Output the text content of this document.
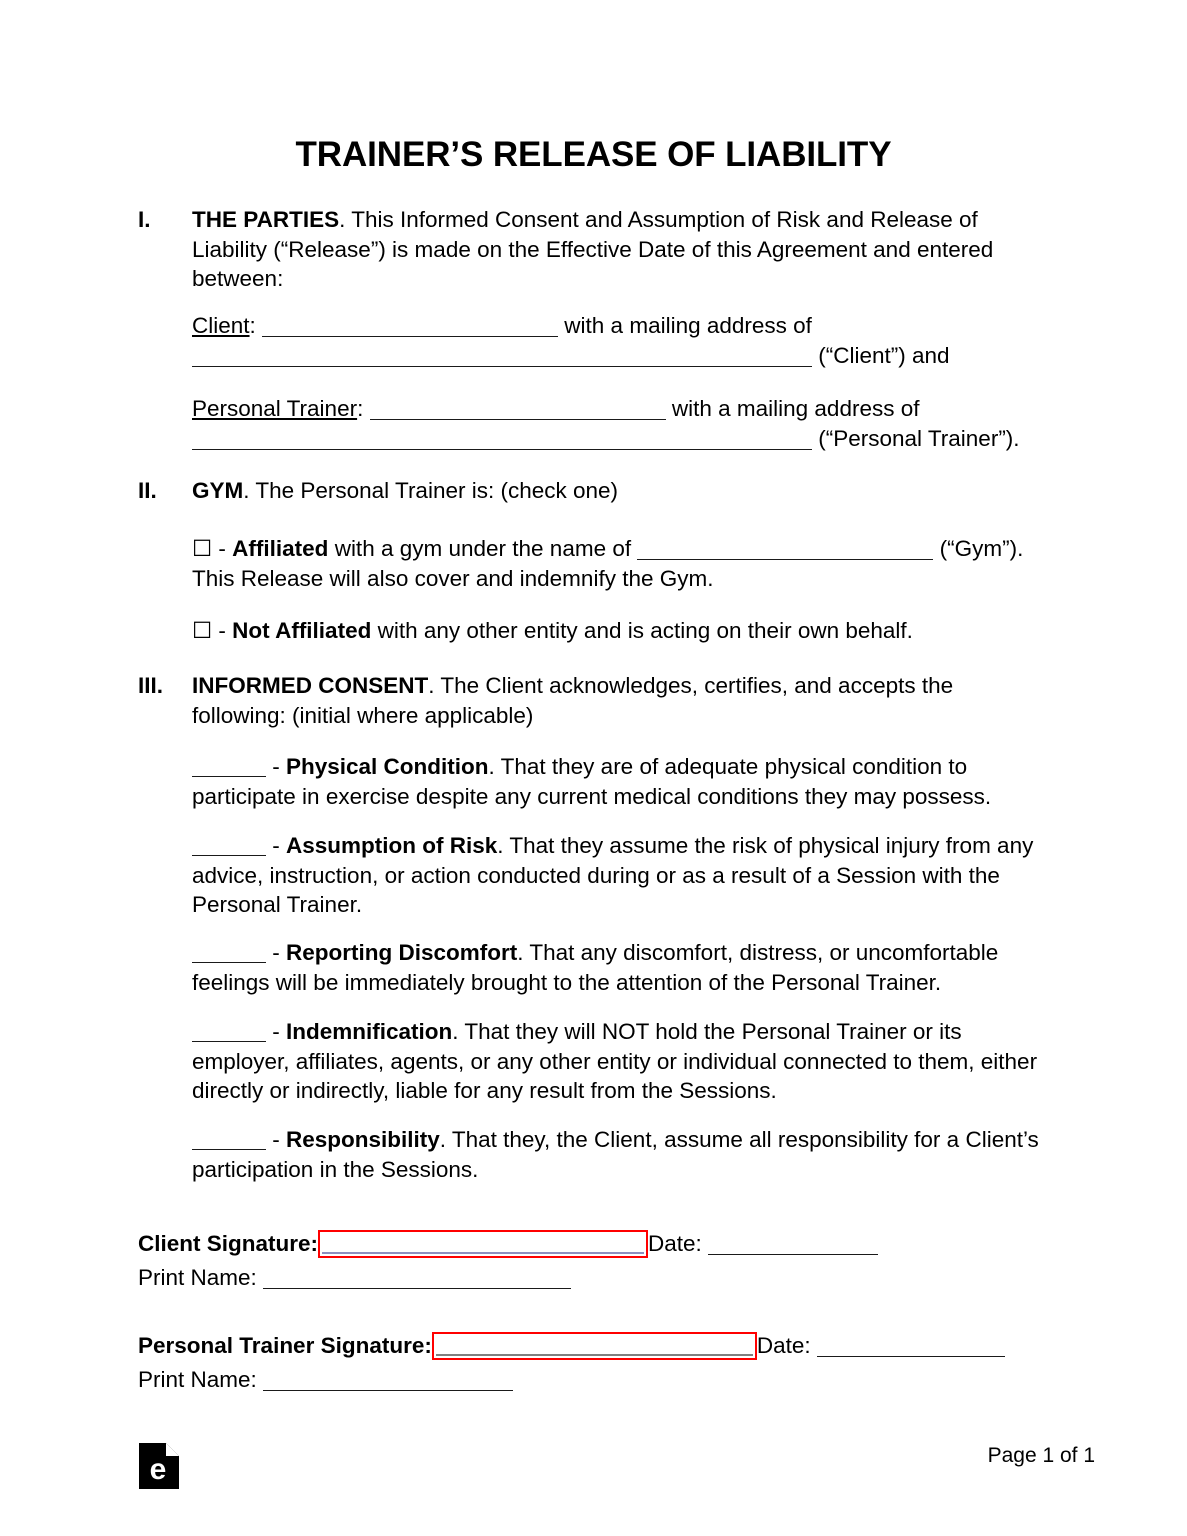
TRAINER’S RELEASE OF LIABILITY
I.	THE PARTIES. This Informed Consent and Assumption of Risk and Release of Liability (“Release”) is made on the Effective Date of this Agreement and entered between:
Client:	with a mailing address of
(“Client”) and
Personal Trainer:	with a mailing address of
(“Personal Trainer”).
II.	GYM. The Personal Trainer is: (check one)
☐ - Affiliated with a gym under the name of	(“Gym”). This Release will also cover and indemnify the Gym.
☐ - Not Affiliated with any other entity and is acting on their own behalf.
III.	INFORMED CONSENT. The Client acknowledges, certifies, and accepts the following: (initial where applicable)
- Physical Condition. That they are of adequate physical condition to participate in exercise despite any current medical conditions they may possess.
- Assumption of Risk. That they assume the risk of physical injury from any advice, instruction, or action conducted during or as a result of a Session with the Personal Trainer.
- Reporting Discomfort. That any discomfort, distress, or uncomfortable feelings will be immediately brought to the attention of the Personal Trainer.
- Indemnification. That they will NOT hold the Personal Trainer or its employer, affiliates, agents, or any other entity or individual connected to them, either directly or indirectly, liable for any result from the Sessions.
- Responsibility. That they, the Client, assume all responsibility for a Client’s participation in the Sessions.
Client Signature:	Date:
Print Name:
Personal Trainer Signature:	Date:
Print Name:
e	Page 1 of 1
